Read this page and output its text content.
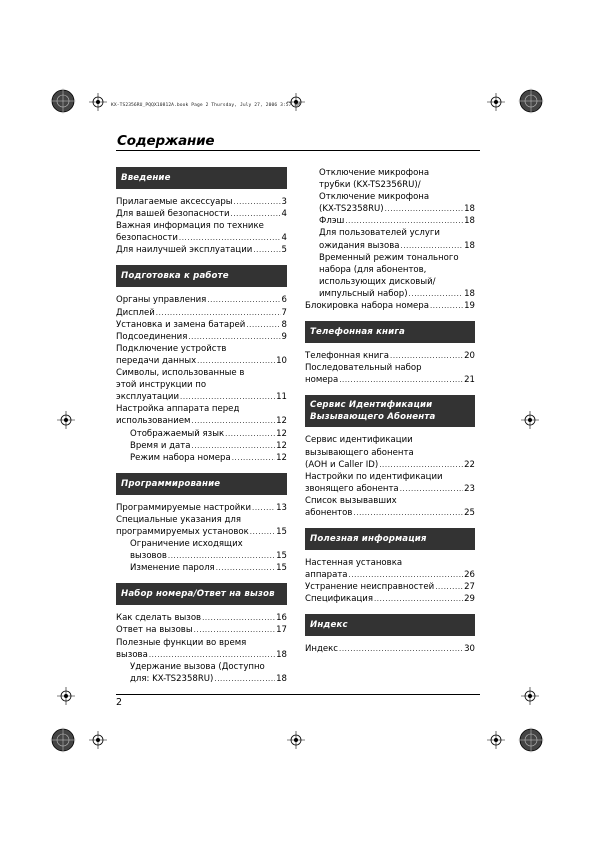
KX-TS2356RU_PQQX10812A.book Page 2 Thursday, July 27, 2006 3:57 PM
Содержание
Введение
Прилагаемые аксессуары .....	3
Для вашей безопасности .....	4
Важная информация по технике
безопасности .....	4
Для наилучшей эксплуатации .....	5
Подготовка к работе
Органы управления .....	6
Дисплей .....	7
Установка и замена батарей .....	8
Подсоединения .....	9
Подключение устройств
передачи данных .....	10
Символы, использованные в
этой инструкции по
эксплуатации .....	11
Настройка аппарата перед
использованием .....	12
Отображаемый язык .....	12
Время и дата .....	12
Режим набора номера .....	12
Программирование
Программируемые настройки .....	13
Специальные указания для
программируемых установок .....	15
Ограничение исходящих
вызовов .....	15
Изменение пароля .....	15
Набор номера/Ответ на вызов
Как сделать вызов .....	16
Ответ на вызовы .....	17
Полезные функции во время
вызова .....	18
Удержание вызова (Доступно
для: KX-TS2358RU) .....	18
Отключение микрофона
трубки (KX-TS2356RU)/
Отключение микрофона
(KX-TS2358RU) .....	18
Флэш .....	18
Для пользователей услуги
ожидания вызова .....	18
Временный режим тонального
набора (для абонентов,
использующих дисковый/
импульсный набор) .....	18
Блокировка набора номера .....	19
Телефонная книга
Телефонная книга .....	20
Последовательный набор
номера .....	21
Сервис Идентификации
Вызывающего Абонента
Сервис идентификации
вызывающего абонента
(АОН и Caller ID) .....	22
Настройки по идентификации
звонящего абонента .....	23
Список вызывавших
абонентов .....	25
Полезная информация
Настенная установка
аппарата .....	26
Устранение неисправностей .....	27
Спецификация .....	29
Индекс
Индекс .....	30
2
